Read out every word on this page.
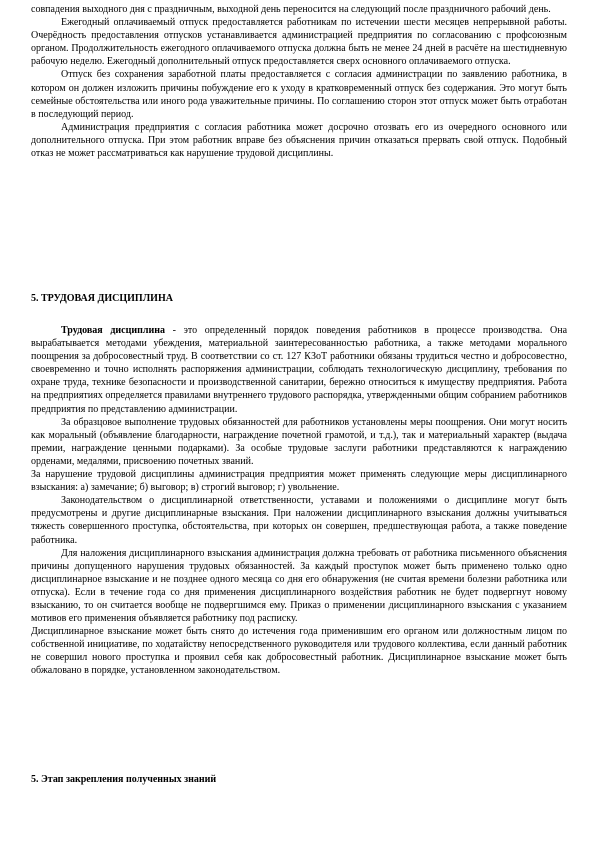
совпадения выходного дня с праздничным, выходной день переносится на следующий после праздничного рабочий день.

Ежегодный оплачиваемый отпуск предоставляется работникам по истечении шести месяцев непрерывной работы. Очерёдность предоставления отпусков устанавливается администрацией предприятия по согласованию с профсоюзным органом. Продолжительность ежегодного оплачиваемого отпуска должна быть не менее 24 дней в расчёте на шестидневную рабочую неделю. Ежегодный дополнительный отпуск предоставляется сверх основного оплачиваемого отпуска.

Отпуск без сохранения заработной платы предоставляется с согласия администрации по заявлению работника, в котором он должен изложить причины побуждение его к уходу в кратковременный отпуск без содержания. Это могут быть семейные обстоятельства или иного рода уважительные причины. По соглашению сторон этот отпуск может быть отработан в последующий период.

Администрация предприятия с согласия работника может досрочно отозвать его из очередного основного или дополнительного отпуска. При этом работник вправе без объяснения причин отказаться прервать свой отпуск. Подобный отказ не может рассматриваться как нарушение трудовой дисциплины.

5. ТРУДОВАЯ ДИСЦИПЛИНА

Трудовая дисциплина - это определенный порядок поведения работников в процессе производства. Она вырабатывается методами убеждения, материальной заинтересованностью работника, а также методами морального поощрения за добросовестный труд. В соответствии со ст. 127 КЗоТ работники обязаны трудиться честно и добросовестно, своевременно и точно исполнять распоряжения администрации, соблюдать технологическую дисциплину, требования по охране труда, технике безопасности и производственной санитарии, бережно относиться к имуществу предприятия. Работа на предприятиях определяется правилами внутреннего трудового распорядка, утвержденными общим собранием работников предприятия по представлению администрации.

За образцовое выполнение трудовых обязанностей для работников установлены меры поощрения. Они могут носить как моральный (объявление благодарности, награждение почетной грамотой, и т.д.), так и материальный характер (выдача премии, награждение ценными подарками). За особые трудовые заслуги работники представляются к награждению орденами, медалями, присвоению почетных званий.

За нарушение трудовой дисциплины администрация предприятия может применять следующие меры дисциплинарного взыскания: а) замечание; б) выговор; в) строгий выговор; г) увольнение.

Законодательством о дисциплинарной ответственности, уставами и положениями о дисциплине могут быть предусмотрены и другие дисциплинарные взыскания. При наложении дисциплинарного взыскания должны учитываться тяжесть совершенного проступка, обстоятельства, при которых он совершен, предшествующая работа, а также поведение работника.

Для наложения дисциплинарного взыскания администрация должна требовать от работника письменного объяснения причины допущенного нарушения трудовых обязанностей. За каждый проступок может быть применено только одно дисциплинарное взыскание и не позднее одного месяца со дня его обнаружения (не считая времени болезни работника или отпуска). Если в течение года со дня применения дисциплинарного воздействия работник не будет подвергнут новому взысканию, то он считается вообще не подвергшимся ему. Приказ о применении дисциплинарного взыскания с указанием мотивов его применения объявляется работнику под расписку.

Дисциплинарное взыскание может быть снято до истечения года применившим его органом или должностным лицом по собственной инициативе, по ходатайству непосредственного руководителя или трудового коллектива, если данный работник не совершил нового проступка и проявил себя как добросовестный работник. Дисциплинарное взыскание может быть обжаловано в порядке, установленном законодательством.

5. Этап закрепления полученных знаний
